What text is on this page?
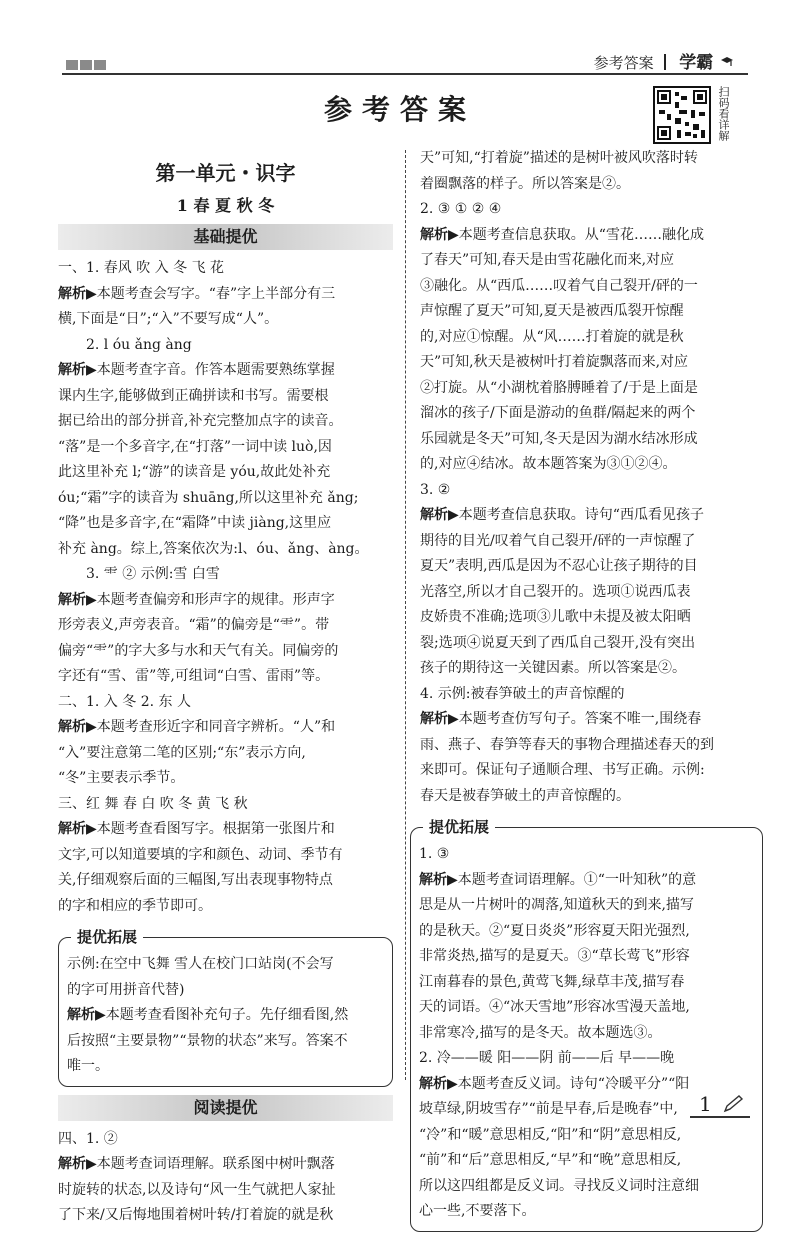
参考答案 学霸
参考答案	扫码看详解
第一单元・识字
1 春 夏 秋 冬
基础提优
一、1. 春风 吹 入 冬 飞 花
解析▶本题考查会写字。“春”字上半部分有三
横,下面是“日”;“入”不要写成“人”。
2. l óu ǎng àng
解析▶本题考查字音。作答本题需要熟练掌握
课内生字,能够做到正确拼读和书写。需要根
据已给出的部分拼音,补充完整加点字的读音。
“落”是一个多音字,在“打落”一词中读 luò,因
此这里补充 l;“游”的读音是 yóu,故此处补充
óu;“霜”字的读音为 shuāng,所以这里补充 ǎng;
“降”也是多音字,在“霜降”中读 jiàng,这里应
补充 àng。综上,答案依次为:l、óu、ǎng、àng。
3. ⻗ ② 示例:雪 白雪
解析▶本题考查偏旁和形声字的规律。形声字
形旁表义,声旁表音。“霜”的偏旁是“⻗”。带
偏旁“⻗”的字大多与水和天气有关。同偏旁的
字还有“雪、雷”等,可组词“白雪、雷雨”等。
二、1. 入 冬 2. 东 人
解析▶本题考查形近字和同音字辨析。“人”和
“入”要注意第二笔的区别;“东”表示方向,
“冬”主要表示季节。
三、红 舞 春 白 吹 冬 黄 飞 秋
解析▶本题考查看图写字。根据第一张图片和
文字,可以知道要填的字和颜色、动词、季节有
关,仔细观察后面的三幅图,写出表现事物特点
的字和相应的季节即可。
提优拓展
示例:在空中飞舞 雪人在校门口站岗(不会写
的字可用拼音代替)
解析▶本题考查看图补充句子。先仔细看图,然
后按照“主要景物”“景物的状态”来写。答案不
唯一。
阅读提优
四、1. ②
解析▶本题考查词语理解。联系图中树叶飘落
时旋转的状态,以及诗句“风一生气就把人家扯
了下来/又后悔地围着树叶转/打着旋的就是秋
天”可知,“打着旋”描述的是树叶被风吹落时转
着圈飘落的样子。所以答案是②。
2. ③ ① ② ④
解析▶本题考查信息获取。从“雪花……融化成
了春天”可知,春天是由雪花融化而来,对应
③融化。从“西瓜……叹着气自己裂开/砰的一
声惊醒了夏天”可知,夏天是被西瓜裂开惊醒
的,对应①惊醒。从“风……打着旋的就是秋
天”可知,秋天是被树叶打着旋飘落而来,对应
②打旋。从“小湖枕着胳膊睡着了/于是上面是
溜冰的孩子/下面是游动的鱼群/隔起来的两个
乐园就是冬天”可知,冬天是因为湖水结冰形成
的,对应④结冰。故本题答案为③①②④。
3. ②
解析▶本题考查信息获取。诗句“西瓜看见孩子
期待的目光/叹着气自己裂开/砰的一声惊醒了
夏天”表明,西瓜是因为不忍心让孩子期待的目
光落空,所以才自己裂开的。选项①说西瓜表
皮娇贵不准确;选项③儿歌中未提及被太阳晒
裂;选项④说夏天到了西瓜自己裂开,没有突出
孩子的期待这一关键因素。所以答案是②。
4. 示例:被春笋破土的声音惊醒的
解析▶本题考查仿写句子。答案不唯一,围绕春
雨、燕子、春笋等春天的事物合理描述春天的到
来即可。保证句子通顺合理、书写正确。示例:
春天是被春笋破土的声音惊醒的。
提优拓展
1. ③
解析▶本题考查词语理解。①“一叶知秋”的意
思是从一片树叶的凋落,知道秋天的到来,描写
的是秋天。②“夏日炎炎”形容夏天阳光强烈,
非常炎热,描写的是夏天。③“草长莺飞”形容
江南暮春的景色,黄莺飞舞,绿草丰茂,描写春
天的词语。④“冰天雪地”形容冰雪漫天盖地,
非常寒冷,描写的是冬天。故本题选③。
2. 冷——暖 阳——阴 前——后 早——晚
解析▶本题考查反义词。诗句“冷暖平分”“阳
坡草绿,阴坡雪存”“前是早春,后是晚春”中,
“冷”和“暖”意思相反,“阳”和“阴”意思相反,
“前”和“后”意思相反,“早”和“晚”意思相反,
所以这四组都是反义词。寻找反义词时注意细
心一些,不要落下。
1
